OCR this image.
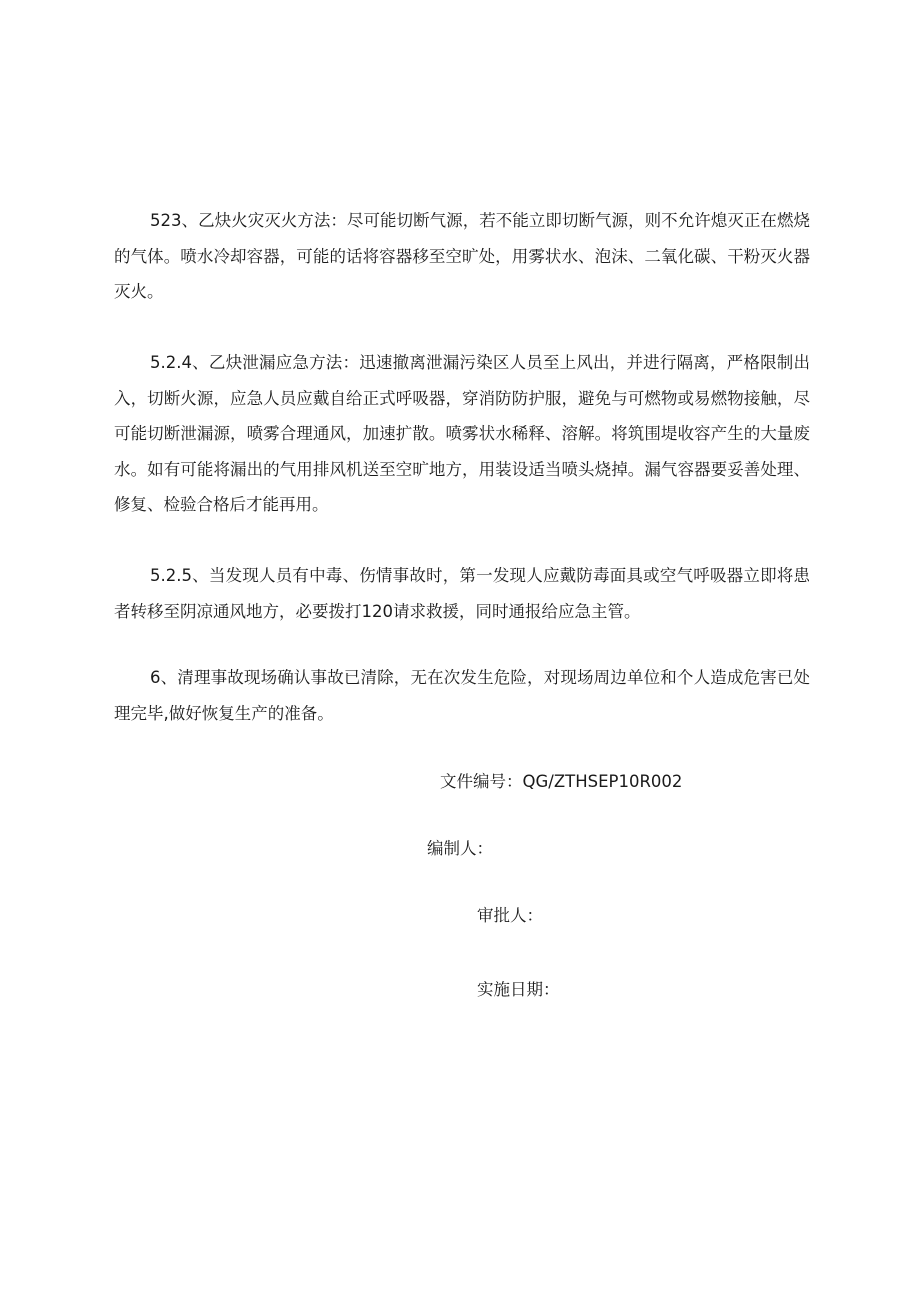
523、乙炔火灾灭火方法：尽可能切断气源，若不能立即切断气源，则不允许熄灭正在燃烧的气体。喷水冷却容器，可能的话将容器移至空旷处，用雾状水、泡沫、二氧化碳、干粉灭火器灭火。

5.2.4、乙炔泄漏应急方法：迅速撤离泄漏污染区人员至上风出，并进行隔离，严格限制出入，切断火源，应急人员应戴自给正式呼吸器，穿消防防护服，避免与可燃物或易燃物接触，尽可能切断泄漏源，喷雾合理通风，加速扩散。喷雾状水稀释、溶解。将筑围堤收容产生的大量废水。如有可能将漏出的气用排风机送至空旷地方，用装设适当喷头烧掉。漏气容器要妥善处理、修复、检验合格后才能再用。

5.2.5、当发现人员有中毒、伤情事故时，第一发现人应戴防毒面具或空气呼吸器立即将患者转移至阴凉通风地方，必要拨打120请求救援，同时通报给应急主管。

6、清理事故现场确认事故已清除，无在次发生危险，对现场周边单位和个人造成危害已处理完毕,做好恢复生产的准备。

文件编号：QG/ZTHSEP10R002
编制人：
审批人：
实施日期：
